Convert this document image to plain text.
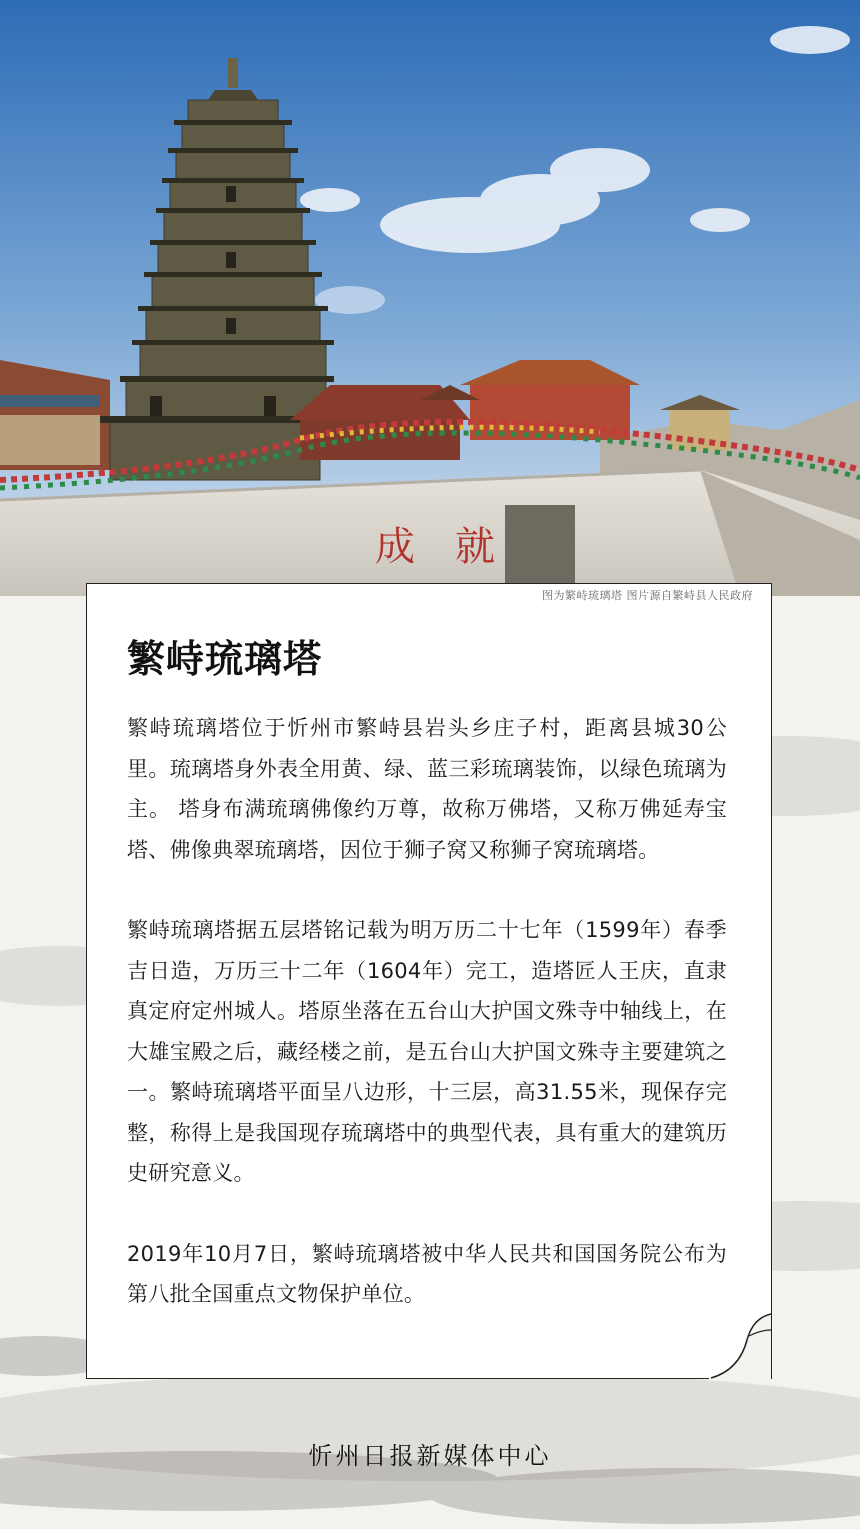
成就
图为繁峙琉璃塔 图片源自繁峙县人民政府
繁峙琉璃塔

繁峙琉璃塔位于忻州市繁峙县岩头乡庄子村，距离县城30公里。琉璃塔身外表全用黄、绿、蓝三彩琉璃装饰，以绿色琉璃为主。 塔身布满琉璃佛像约万尊，故称万佛塔，又称万佛延寿宝塔、佛像典翠琉璃塔，因位于狮子窝又称狮子窝琉璃塔。

繁峙琉璃塔据五层塔铭记载为明万历二十七年（1599年）春季吉日造，万历三十二年（1604年）完工，造塔匠人王庆，直隶真定府定州城人。塔原坐落在五台山大护国文殊寺中轴线上，在大雄宝殿之后，藏经楼之前，是五台山大护国文殊寺主要建筑之一。繁峙琉璃塔平面呈八边形，十三层，高31.55米，现保存完整，称得上是我国现存琉璃塔中的典型代表，具有重大的建筑历史研究意义。

2019年10月7日，繁峙琉璃塔被中华人民共和国国务院公布为第八批全国重点文物保护单位。

忻州日报新媒体中心
